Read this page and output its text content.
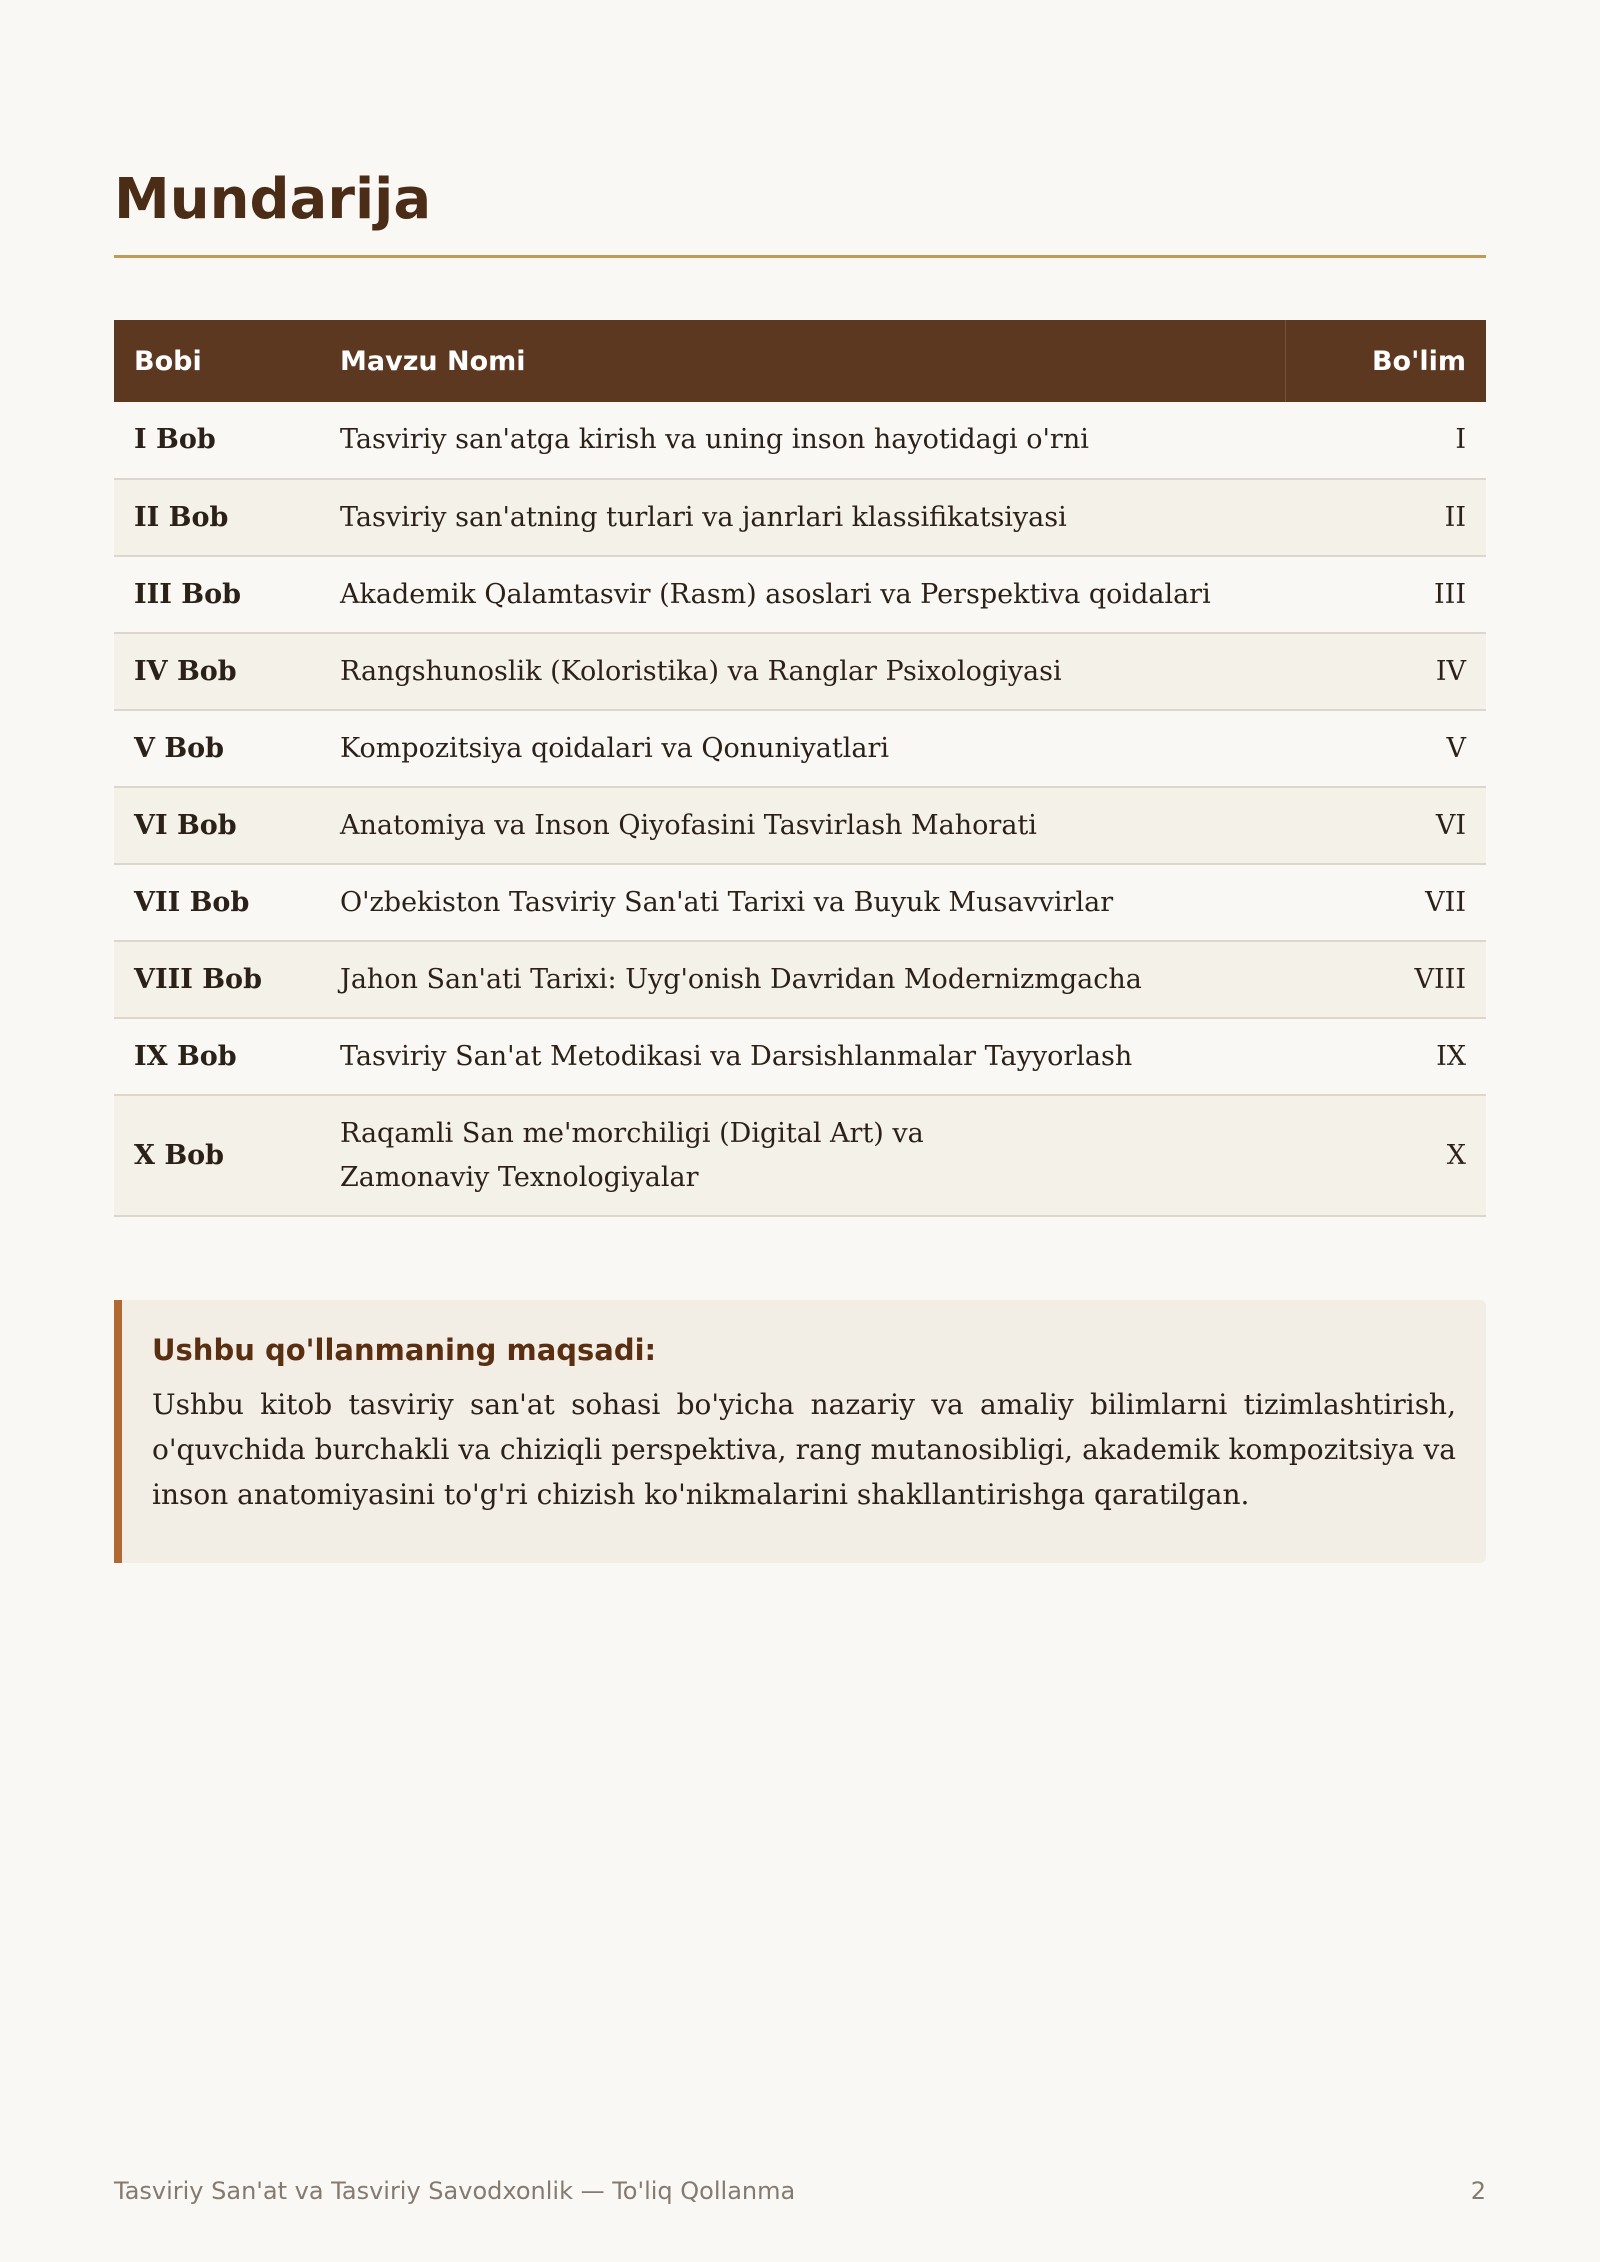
Mundarija
Bobi	Mavzu Nomi	Bo'lim
I Bob	Tasviriy san'atga kirish va uning inson hayotidagi o'rni	I
II Bob	Tasviriy san'atning turlari va janrlari klassifikatsiyasi	II
III Bob	Akademik Qalamtasvir (Rasm) asoslari va Perspektiva qoidalari	III
IV Bob	Rangshunoslik (Koloristika) va Ranglar Psixologiyasi	IV
V Bob	Kompozitsiya qoidalari va Qonuniyatlari	V
VI Bob	Anatomiya va Inson Qiyofasini Tasvirlash Mahorati	VI
VII Bob	O'zbekiston Tasviriy San'ati Tarixi va Buyuk Musavvirlar	VII
VIII Bob	Jahon San'ati Tarixi: Uyg'onish Davridan Modernizmgacha	VIII
IX Bob	Tasviriy San'at Metodikasi va Darsishlanmalar Tayyorlash	IX
X Bob	Raqamli San me'morchiligi (Digital Art) va Zamonaviy Texnologiyalar	X

Ushbu qo'llanmaning maqsadi:

Ushbu kitob tasviriy san'at sohasi bo'yicha nazariy va amaliy bilimlarni tizimlashtirish, o'quvchida burchakli va chiziqli perspektiva, rang mutanosibligi, akademik kompozitsiya va inson anatomiyasini to'g'ri chizish ko'nikmalarini shakllantirishga qaratilgan.

Tasviriy San'at va Tasviriy Savodxonlik — To'liq Qollanma	2
